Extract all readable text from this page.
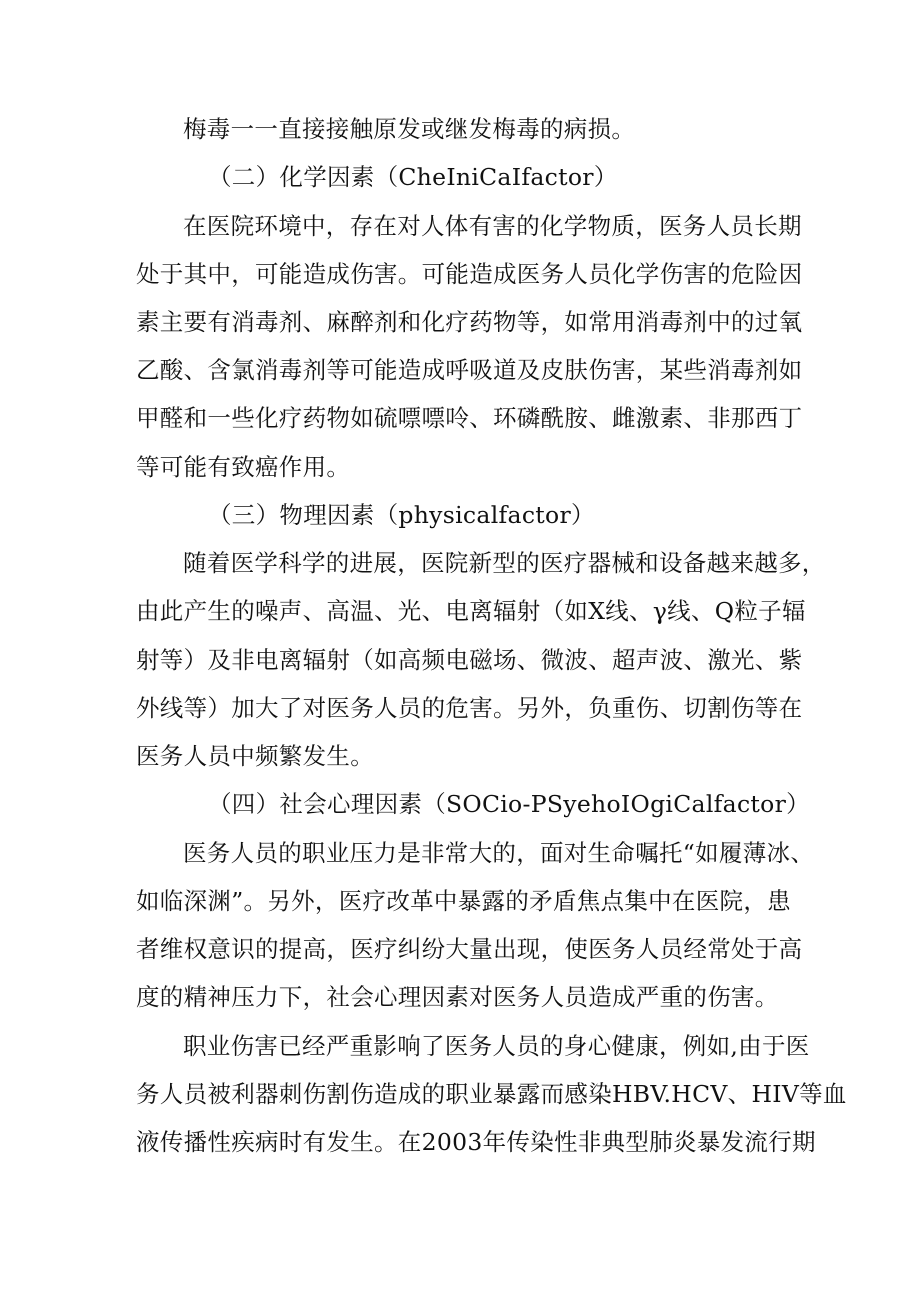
梅毒一一直接接触原发或继发梅毒的病损。
（二）化学因素（CheIniCaIfactor）
在医院环境中，存在对人体有害的化学物质，医务人员长期
处于其中，可能造成伤害。可能造成医务人员化学伤害的危险因
素主要有消毒剂、麻醉剂和化疗药物等，如常用消毒剂中的过氧
乙酸、含氯消毒剂等可能造成呼吸道及皮肤伤害，某些消毒剂如
甲醛和一些化疗药物如硫嘌嘌呤、环磷酰胺、雌激素、非那西丁
等可能有致癌作用。
（三）物理因素（physicalfactor）
随着医学科学的进展，医院新型的医疗器械和设备越来越多，
由此产生的噪声、高温、光、电离辐射（如X线、γ线、Q粒子辐
射等）及非电离辐射（如高频电磁场、微波、超声波、激光、紫
外线等）加大了对医务人员的危害。另外，负重伤、切割伤等在
医务人员中频繁发生。
（四）社会心理因素（SOCio-PSyehoIOgiCalfactor）
医务人员的职业压力是非常大的，面对生命嘱托“如履薄冰、
如临深渊”。另外，医疗改革中暴露的矛盾焦点集中在医院，患
者维权意识的提高，医疗纠纷大量出现，使医务人员经常处于高
度的精神压力下，社会心理因素对医务人员造成严重的伤害。
职业伤害已经严重影响了医务人员的身心健康，例如,由于医
务人员被利器刺伤割伤造成的职业暴露而感染HBV.HCV、HIV等血
液传播性疾病时有发生。在2003年传染性非典型肺炎暴发流行期
